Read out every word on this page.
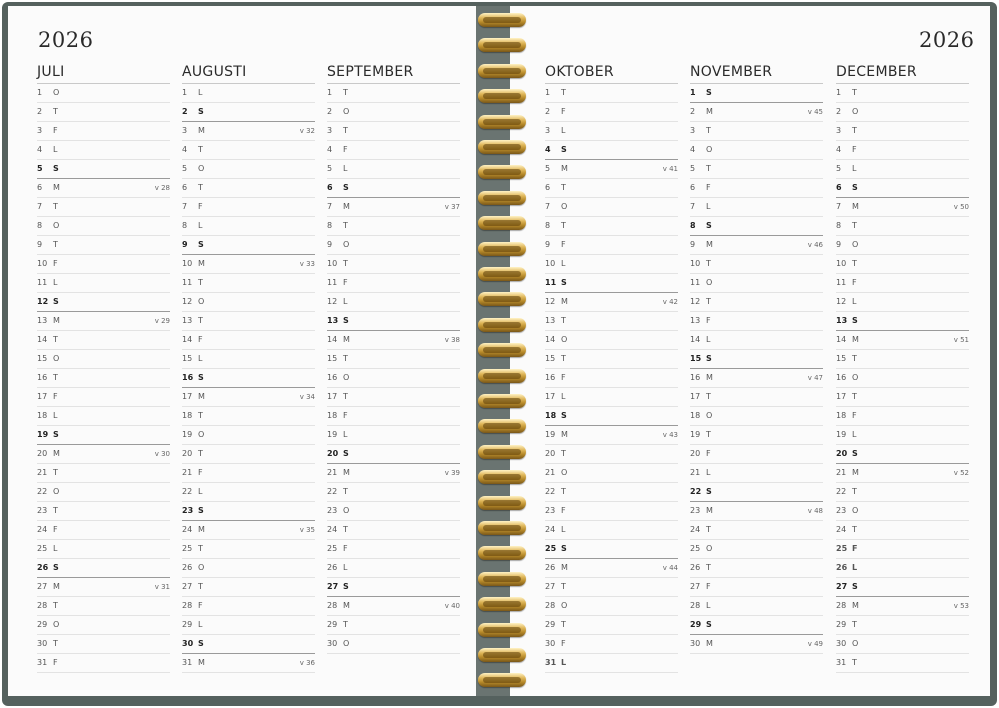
2026	2026
JULI
1 O
2 T
3 F
4 L
5 S
6 M	v 28
7 T
8 O
9 T
10 F
11 L
12 S
13 M	v 29
14 T
15 O
16 T
17 F
18 L
19 S
20 M	v 30
21 T
22 O
23 T
24 F
25 L
26 S
27 M	v 31
28 T
29 O
30 T
31 F
AUGUSTI
1 L
2 S
3 M	v 32
4 T
5 O
6 T
7 F
8 L
9 S
10 M	v 33
11 T
12 O
13 T
14 F
15 L
16 S
17 M	v 34
18 T
19 O
20 T
21 F
22 L
23 S
24 M	v 35
25 T
26 O
27 T
28 F
29 L
30 S
31 M	v 36
SEPTEMBER
1 T
2 O
3 T
4 F
5 L
6 S
7 M	v 37
8 T
9 O
10 T
11 F
12 L
13 S
14 M	v 38
15 T
16 O
17 T
18 F
19 L
20 S
21 M	v 39
22 T
23 O
24 T
25 F
26 L
27 S
28 M	v 40
29 T
30 O
OKTOBER
1 T
2 F
3 L
4 S
5 M	v 41
6 T
7 O
8 T
9 F
10 L
11 S
12 M	v 42
13 T
14 O
15 T
16 F
17 L
18 S
19 M	v 43
20 T
21 O
22 T
23 F
24 L
25 S
26 M	v 44
27 T
28 O
29 T
30 F
31 L
NOVEMBER
1 S
2 M	v 45
3 T
4 O
5 T
6 F
7 L
8 S
9 M	v 46
10 T
11 O
12 T
13 F
14 L
15 S
16 M	v 47
17 T
18 O
19 T
20 F
21 L
22 S
23 M	v 48
24 T
25 O
26 T
27 F
28 L
29 S
30 M	v 49
DECEMBER
1 T
2 O
3 T
4 F
5 L
6 S
7 M	v 50
8 T
9 O
10 T
11 F
12 L
13 S
14 M	v 51
15 T
16 O
17 T
18 F
19 L
20 S
21 M	v 52
22 T
23 O
24 T
25 F
26 L
27 S
28 M	v 53
29 T
30 O
31 T
